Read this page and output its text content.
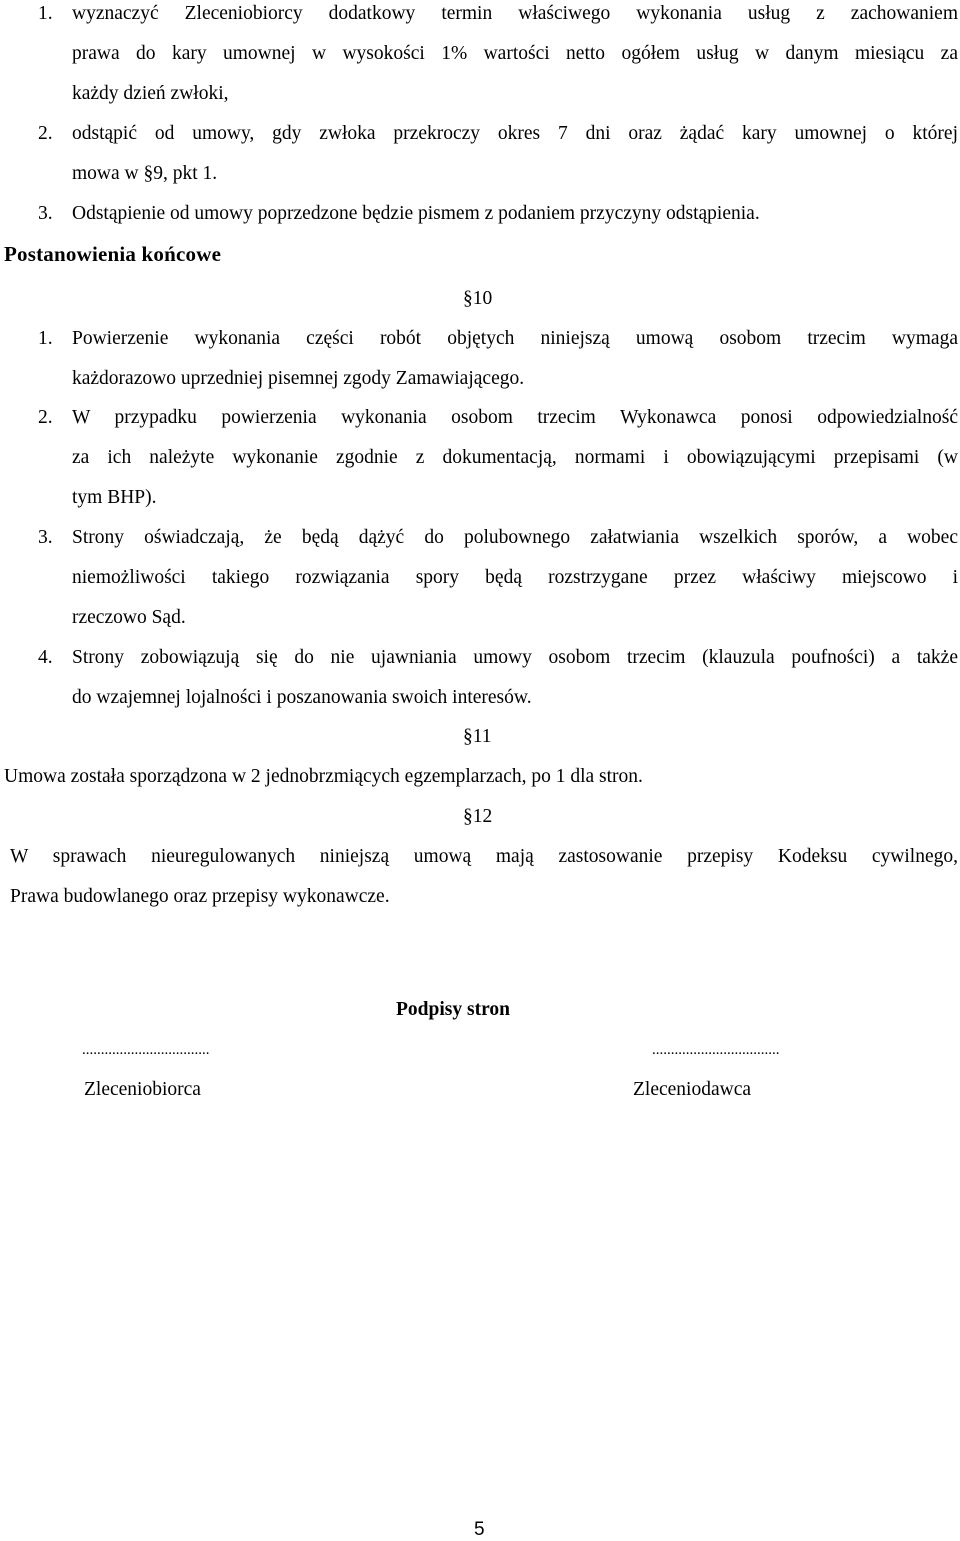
1. wyznaczyć Zleceniobiorcy dodatkowy termin właściwego wykonania usług z zachowaniem
prawa do kary umownej w wysokości 1% wartości netto ogółem usług w danym miesiącu za
każdy dzień zwłoki,
2. odstąpić od umowy, gdy zwłoka przekroczy okres 7 dni oraz żądać kary umownej o której
mowa w §9, pkt 1.
3. Odstąpienie od umowy poprzedzone będzie pismem z podaniem przyczyny odstąpienia.
Postanowienia końcowe
§10
1. Powierzenie wykonania części robót objętych niniejszą umową osobom trzecim wymaga
każdorazowo uprzedniej pisemnej zgody Zamawiającego.
2. W przypadku powierzenia wykonania osobom trzecim Wykonawca ponosi odpowiedzialność
za ich należyte wykonanie zgodnie z dokumentacją, normami i obowiązującymi przepisami (w
tym BHP).
3. Strony oświadczają, że będą dążyć do polubownego załatwiania wszelkich sporów, a wobec
niemożliwości takiego rozwiązania spory będą rozstrzygane przez właściwy miejscowo i
rzeczowo Sąd.
4. Strony zobowiązują się do nie ujawniania umowy osobom trzecim (klauzula poufności) a także
do wzajemnej lojalności i poszanowania swoich interesów.
§11
Umowa została sporządzona w 2 jednobrzmiących egzemplarzach, po 1 dla stron.
§12
W sprawach nieuregulowanych niniejszą umową mają zastosowanie przepisy Kodeksu cywilnego,
Prawa budowlanego oraz przepisy wykonawcze.
Podpisy stron
..................................	..................................
Zleceniobiorca	Zleceniodawca
5
